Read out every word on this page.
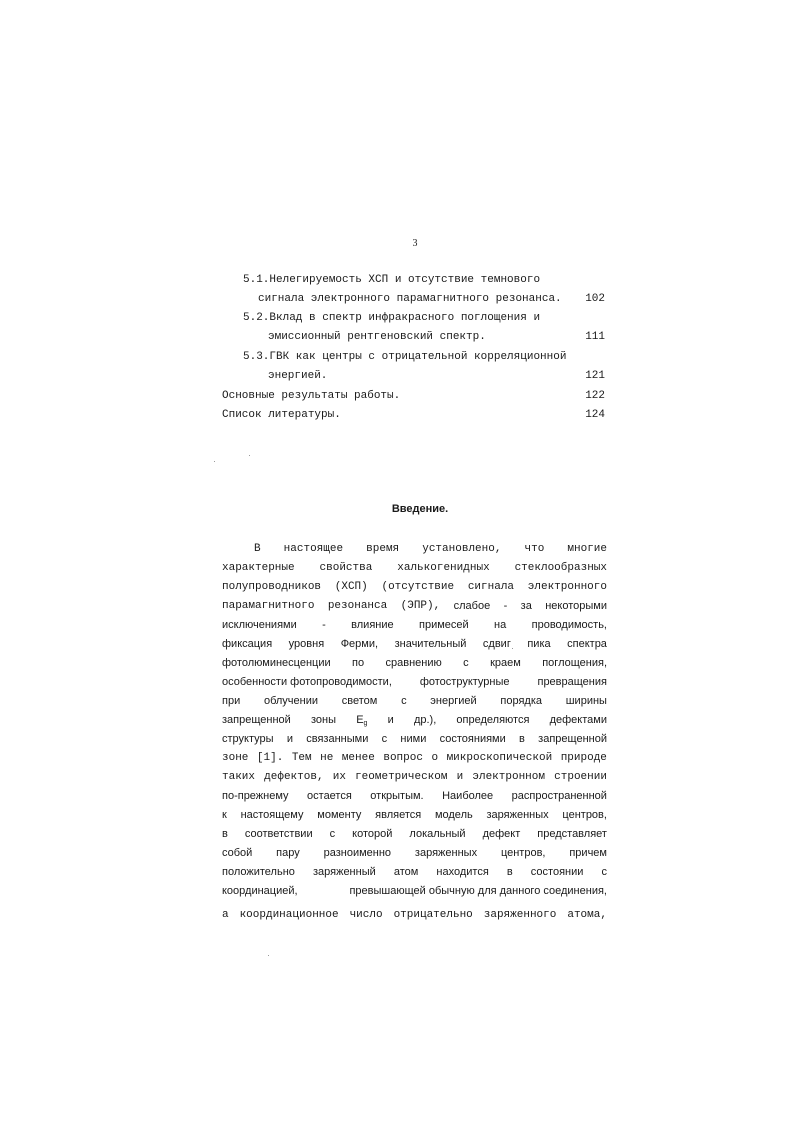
3
5.1.Нелегируемость ХСП и отсутствие темнового
сигнала электронного парамагнитного резонанса.	102
5.2.Вклад в спектр инфракрасного поглощения и
эмиссионный рентгеновский спектр.	111
5.3.ГВК как центры с отрицательной корреляционной
энергией.	121
Основные результаты работы.	122
Список литературы.	124
Введение.
В настоящее время установлено, что многие
характерные свойства халькогенидных стеклообразных
полупроводников (ХСП) (отсутствие сигнала электронного
парамагнитного резонанса (ЭПР), слабое - за некоторыми
исключениями - влияние примесей на проводимость,
фиксация уровня Ферми, значительный сдвиг пика спектра
фотолюминесценции по сравнению с краем поглощения,
особенности фотопроводимости,	фотоструктурные	превращения
при облучении светом с энергией порядка ширины
запрещенной зоны Eg и др.), определяются дефектами
структуры и связанными с ними состояниями в запрещенной
зоне [1]. Тем не менее вопрос о микроскопической природе
таких дефектов, их геометрическом и электронном строении
по-прежнему остается открытым. Наиболее распространенной
к настоящему моменту является модель заряженных центров,
в соответствии с которой локальный дефект представляет
собой пару разноименно заряженных центров, причем
положительно заряженный атом находится в состоянии с
координацией,	превышающей обычную для данного соединения,
а координационное число отрицательно заряженного атома,
